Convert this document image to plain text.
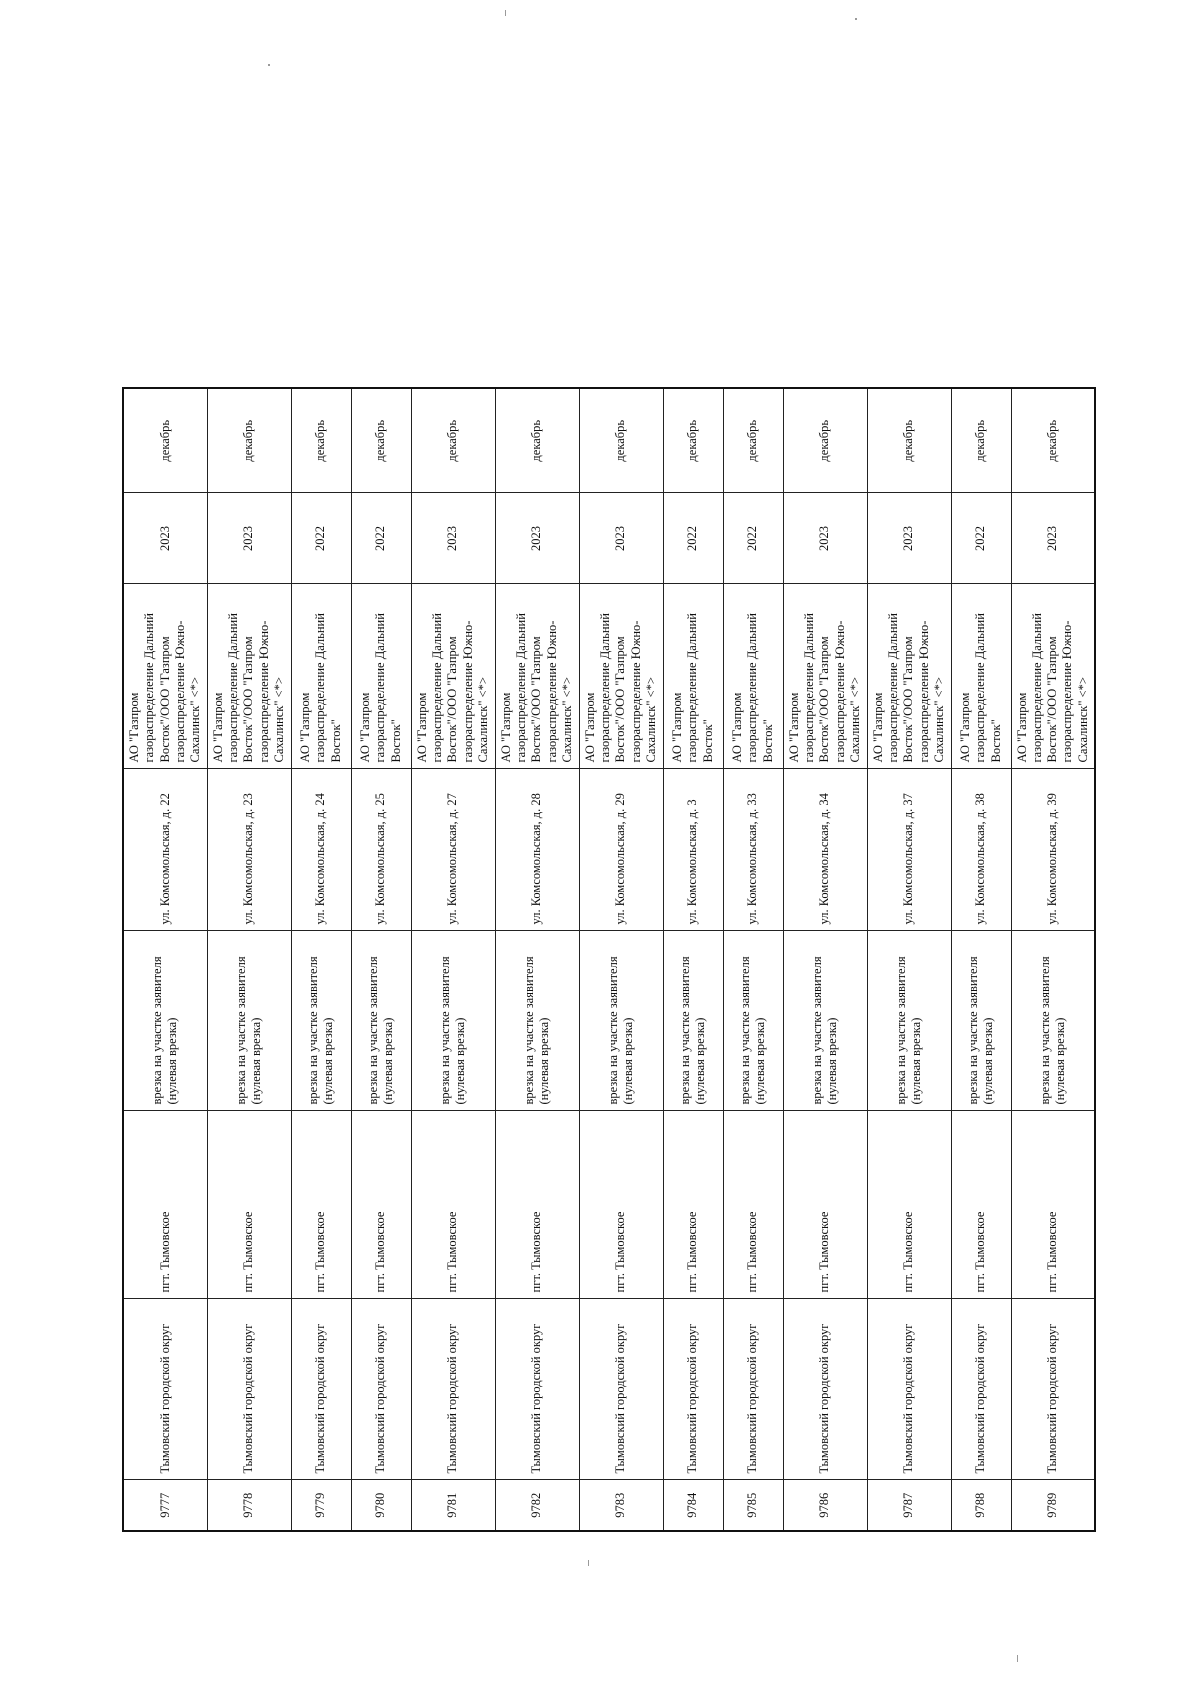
9777	Тымовский городской округ	пгт. Тымовское	врезка на участке заявителя (нулевая врезка)	ул. Комсомольская, д. 22	АО "Газпром газораспределение Дальний Восток"/ООО "Газпром газораспределение Южно-Сахалинск" <*>	2023	декабрь
9778	Тымовский городской округ	пгт. Тымовское	врезка на участке заявителя (нулевая врезка)	ул. Комсомольская, д. 23	АО "Газпром газораспределение Дальний Восток"/ООО "Газпром газораспределение Южно-Сахалинск" <*>	2023	декабрь
9779	Тымовский городской округ	пгт. Тымовское	врезка на участке заявителя (нулевая врезка)	ул. Комсомольская, д. 24	АО "Газпром газораспределение Дальний Восток"	2022	декабрь
9780	Тымовский городской округ	пгт. Тымовское	врезка на участке заявителя (нулевая врезка)	ул. Комсомольская, д. 25	АО "Газпром газораспределение Дальний Восток"	2022	декабрь
9781	Тымовский городской округ	пгт. Тымовское	врезка на участке заявителя (нулевая врезка)	ул. Комсомольская, д. 27	АО "Газпром газораспределение Дальний Восток"/ООО "Газпром газораспределение Южно-Сахалинск" <*>	2023	декабрь
9782	Тымовский городской округ	пгт. Тымовское	врезка на участке заявителя (нулевая врезка)	ул. Комсомольская, д. 28	АО "Газпром газораспределение Дальний Восток"/ООО "Газпром газораспределение Южно-Сахалинск" <*>	2023	декабрь
9783	Тымовский городской округ	пгт. Тымовское	врезка на участке заявителя (нулевая врезка)	ул. Комсомольская, д. 29	АО "Газпром газораспределение Дальний Восток"/ООО "Газпром газораспределение Южно-Сахалинск" <*>	2023	декабрь
9784	Тымовский городской округ	пгт. Тымовское	врезка на участке заявителя (нулевая врезка)	ул. Комсомольская, д. 3	АО "Газпром газораспределение Дальний Восток"	2022	декабрь
9785	Тымовский городской округ	пгт. Тымовское	врезка на участке заявителя (нулевая врезка)	ул. Комсомольская, д. 33	АО "Газпром газораспределение Дальний Восток"	2022	декабрь
9786	Тымовский городской округ	пгт. Тымовское	врезка на участке заявителя (нулевая врезка)	ул. Комсомольская, д. 34	АО "Газпром газораспределение Дальний Восток"/ООО "Газпром газораспределение Южно-Сахалинск" <*>	2023	декабрь
9787	Тымовский городской округ	пгт. Тымовское	врезка на участке заявителя (нулевая врезка)	ул. Комсомольская, д. 37	АО "Газпром газораспределение Дальний Восток"/ООО "Газпром газораспределение Южно-Сахалинск" <*>	2023	декабрь
9788	Тымовский городской округ	пгт. Тымовское	врезка на участке заявителя (нулевая врезка)	ул. Комсомольская, д. 38	АО "Газпром газораспределение Дальний Восток"	2022	декабрь
9789	Тымовский городской округ	пгт. Тымовское	врезка на участке заявителя (нулевая врезка)	ул. Комсомольская, д. 39	АО "Газпром газораспределение Дальний Восток"/ООО "Газпром газораспределение Южно-Сахалинск" <*>	2023	декабрь
